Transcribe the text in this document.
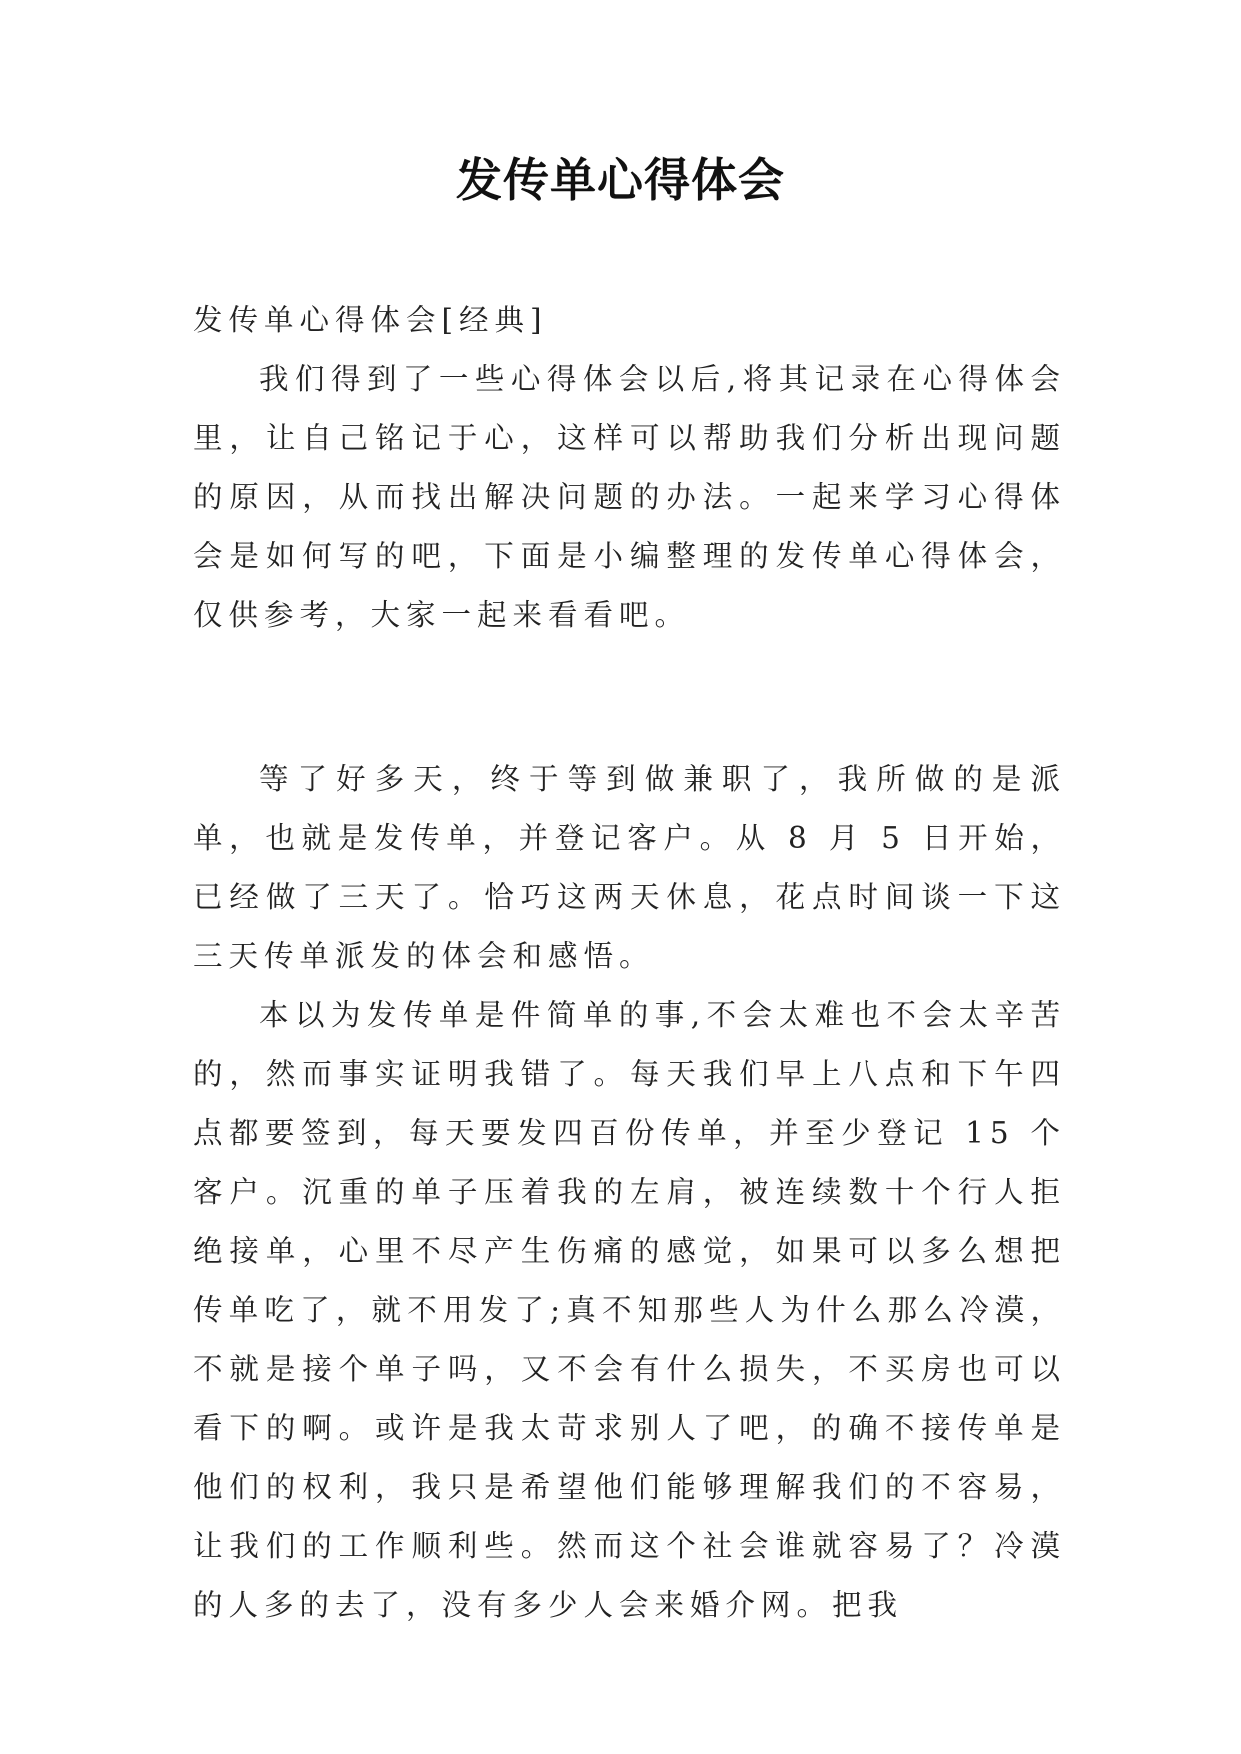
发传单心得体会

发传单心得体会[经典]

我们得到了一些心得体会以后,将其记录在心得体会里，让自己铭记于心，这样可以帮助我们分析出现问题的原因，从而找出解决问题的办法。一起来学习心得体会是如何写的吧，下面是小编整理的发传单心得体会，仅供参考，大家一起来看看吧。

等了好多天，终于等到做兼职了，我所做的是派单，也就是发传单，并登记客户。从 8 月 5 日开始，已经做了三天了。恰巧这两天休息，花点时间谈一下这三天传单派发的体会和感悟。

本以为发传单是件简单的事,不会太难也不会太辛苦的，然而事实证明我错了。每天我们早上八点和下午四点都要签到，每天要发四百份传单，并至少登记 15 个客户。沉重的单子压着我的左肩，被连续数十个行人拒绝接单，心里不尽产生伤痛的感觉，如果可以多么想把传单吃了，就不用发了;真不知那些人为什么那么冷漠，不就是接个单子吗，又不会有什么损失，不买房也可以看下的啊。或许是我太苛求别人了吧，的确不接传单是他们的权利，我只是希望他们能够理解我们的不容易，让我们的工作顺利些。然而这个社会谁就容易了？冷漠的人多的去了，没有多少人会来婚介网。把我
